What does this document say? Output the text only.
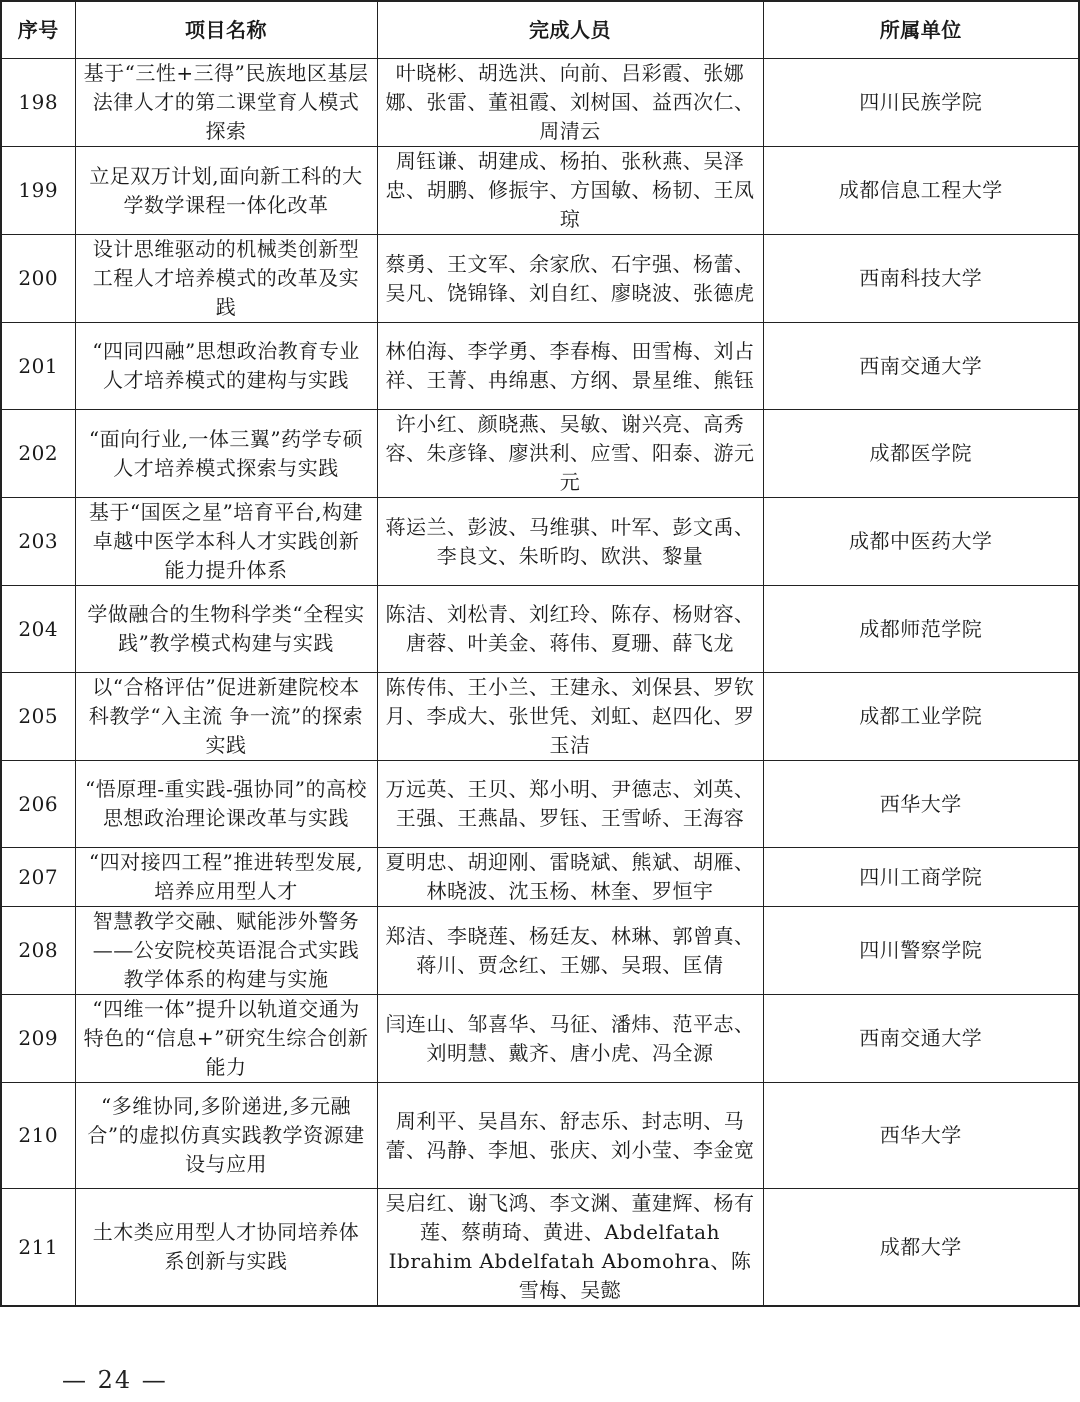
序号	项目名称	完成人员	所属单位
198	基于“三性+三得”民族地区基层法律人才的第二课堂育人模式探索	叶晓彬、胡选洪、向前、吕彩霞、张娜娜、张雷、董祖霞、刘树国、益西次仁、周清云	四川民族学院
199	立足双万计划,面向新工科的大学数学课程一体化改革	周钰谦、胡建成、杨拍、张秋燕、吴泽忠、胡鹏、修振宇、方国敏、杨韧、王凤琼	成都信息工程大学
200	设计思维驱动的机械类创新型工程人才培养模式的改革及实践	蔡勇、王文军、余家欣、石宇强、杨蕾、吴凡、饶锦锋、刘自红、廖晓波、张德虎	西南科技大学
201	“四同四融”思想政治教育专业人才培养模式的建构与实践	林伯海、李学勇、李春梅、田雪梅、刘占祥、王菁、冉绵惠、方纲、景星维、熊钰	西南交通大学
202	“面向行业,一体三翼”药学专硕人才培养模式探索与实践	许小红、颜晓燕、吴敏、谢兴亮、高秀容、朱彦锋、廖洪利、应雪、阳泰、游元元	成都医学院
203	基于“国医之星”培育平台,构建卓越中医学本科人才实践创新能力提升体系	蒋运兰、彭波、马维骐、叶军、彭文禹、李良文、朱昕昀、欧洪、黎量	成都中医药大学
204	学做融合的生物科学类“全程实践”教学模式构建与实践	陈洁、刘松青、刘红玲、陈存、杨财容、唐蓉、叶美金、蒋伟、夏珊、薛飞龙	成都师范学院
205	以“合格评估”促进新建院校本科教学“入主流 争一流”的探索实践	陈传伟、王小兰、王建永、刘保县、罗钦月、李成大、张世凭、刘虹、赵四化、罗玉洁	成都工业学院
206	“悟原理-重实践-强协同”的高校思想政治理论课改革与实践	万远英、王贝、郑小明、尹德志、刘英、王强、王燕晶、罗钰、王雪峤、王海容	西华大学
207	“四对接四工程”推进转型发展,培养应用型人才	夏明忠、胡迎刚、雷晓斌、熊斌、胡雁、林晓波、沈玉杨、林奎、罗恒宇	四川工商学院
208	智慧教学交融、赋能涉外警务——公安院校英语混合式实践教学体系的构建与实施	郑洁、李晓莲、杨廷友、林琳、郭曾真、蒋川、贾念红、王娜、吴瑕、匡倩	四川警察学院
209	“四维一体”提升以轨道交通为特色的“信息+”研究生综合创新能力	闫连山、邹喜华、马征、潘炜、范平志、刘明慧、戴齐、唐小虎、冯全源	西南交通大学
210	“多维协同,多阶递进,多元融合”的虚拟仿真实践教学资源建设与应用	周利平、吴昌东、舒志乐、封志明、马蕾、冯静、李旭、张庆、刘小莹、李金宽	西华大学
211	土木类应用型人才协同培养体系创新与实践	吴启红、谢飞鸿、李文渊、董建辉、杨有莲、蔡萌琦、黄进、Abdelfatah Ibrahim Abdelfatah Abomohra、陈雪梅、吴懿	成都大学
— 24 —
